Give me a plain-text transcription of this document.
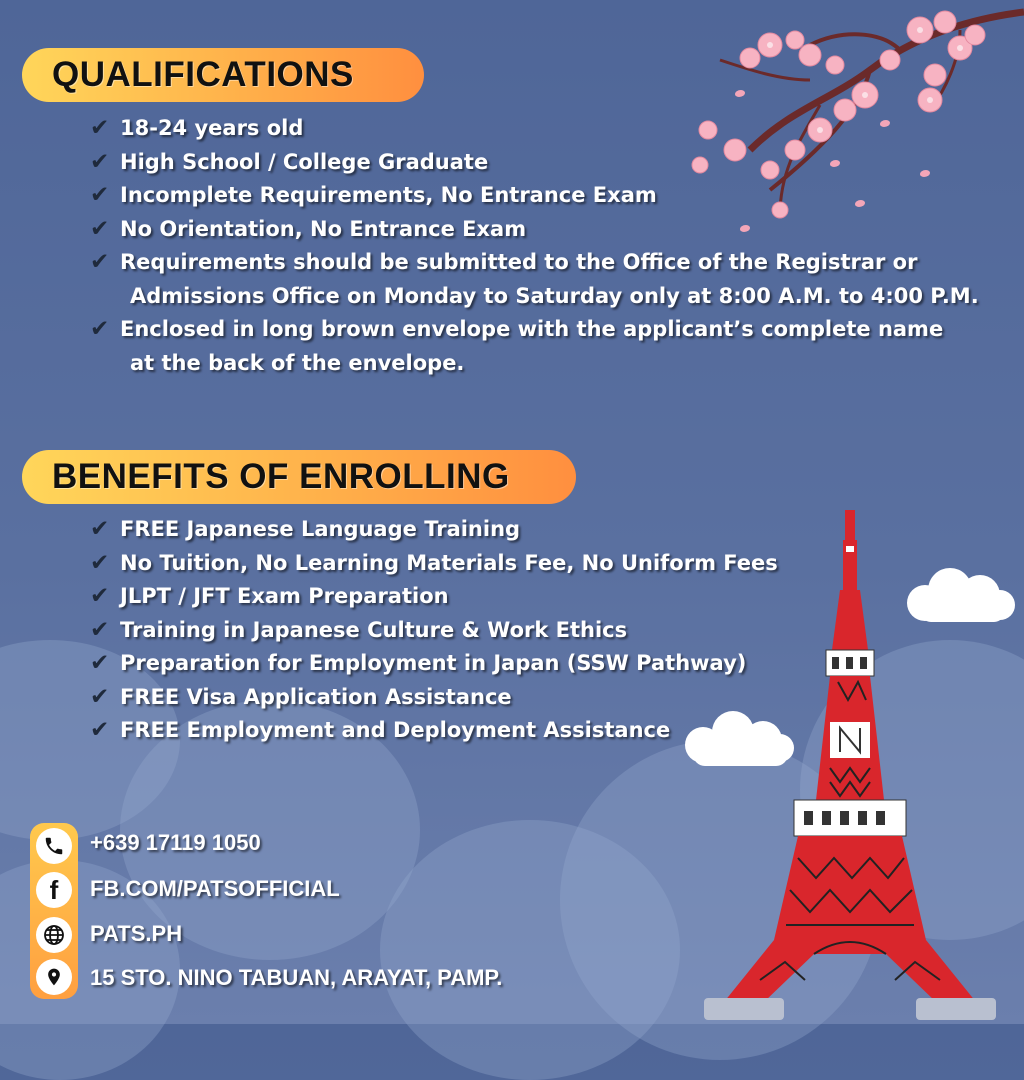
QUALIFICATIONS
✔ 18-24 years old
✔ High School / College Graduate
✔ Incomplete Requirements, No Entrance Exam
✔ No Orientation, No Entrance Exam
✔ Requirements should be submitted to the Office of the Registrar or
Admissions Office on Monday to Saturday only at 8:00 A.M. to 4:00 P.M.
✔ Enclosed in long brown envelope with the applicant’s complete name
at the back of the envelope.
BENEFITS OF ENROLLING
✔ FREE Japanese Language Training
✔ No Tuition, No Learning Materials Fee, No Uniform Fees
✔ JLPT / JFT Exam Preparation
✔ Training in Japanese Culture & Work Ethics
✔ Preparation for Employment in Japan (SSW Pathway)
✔ FREE Visa Application Assistance
✔ FREE Employment and Deployment Assistance
+639 17119 1050
f FB.COM/PATSOFFICIAL
PATS.PH
15 STO. NINO TABUAN, ARAYAT, PAMP.
